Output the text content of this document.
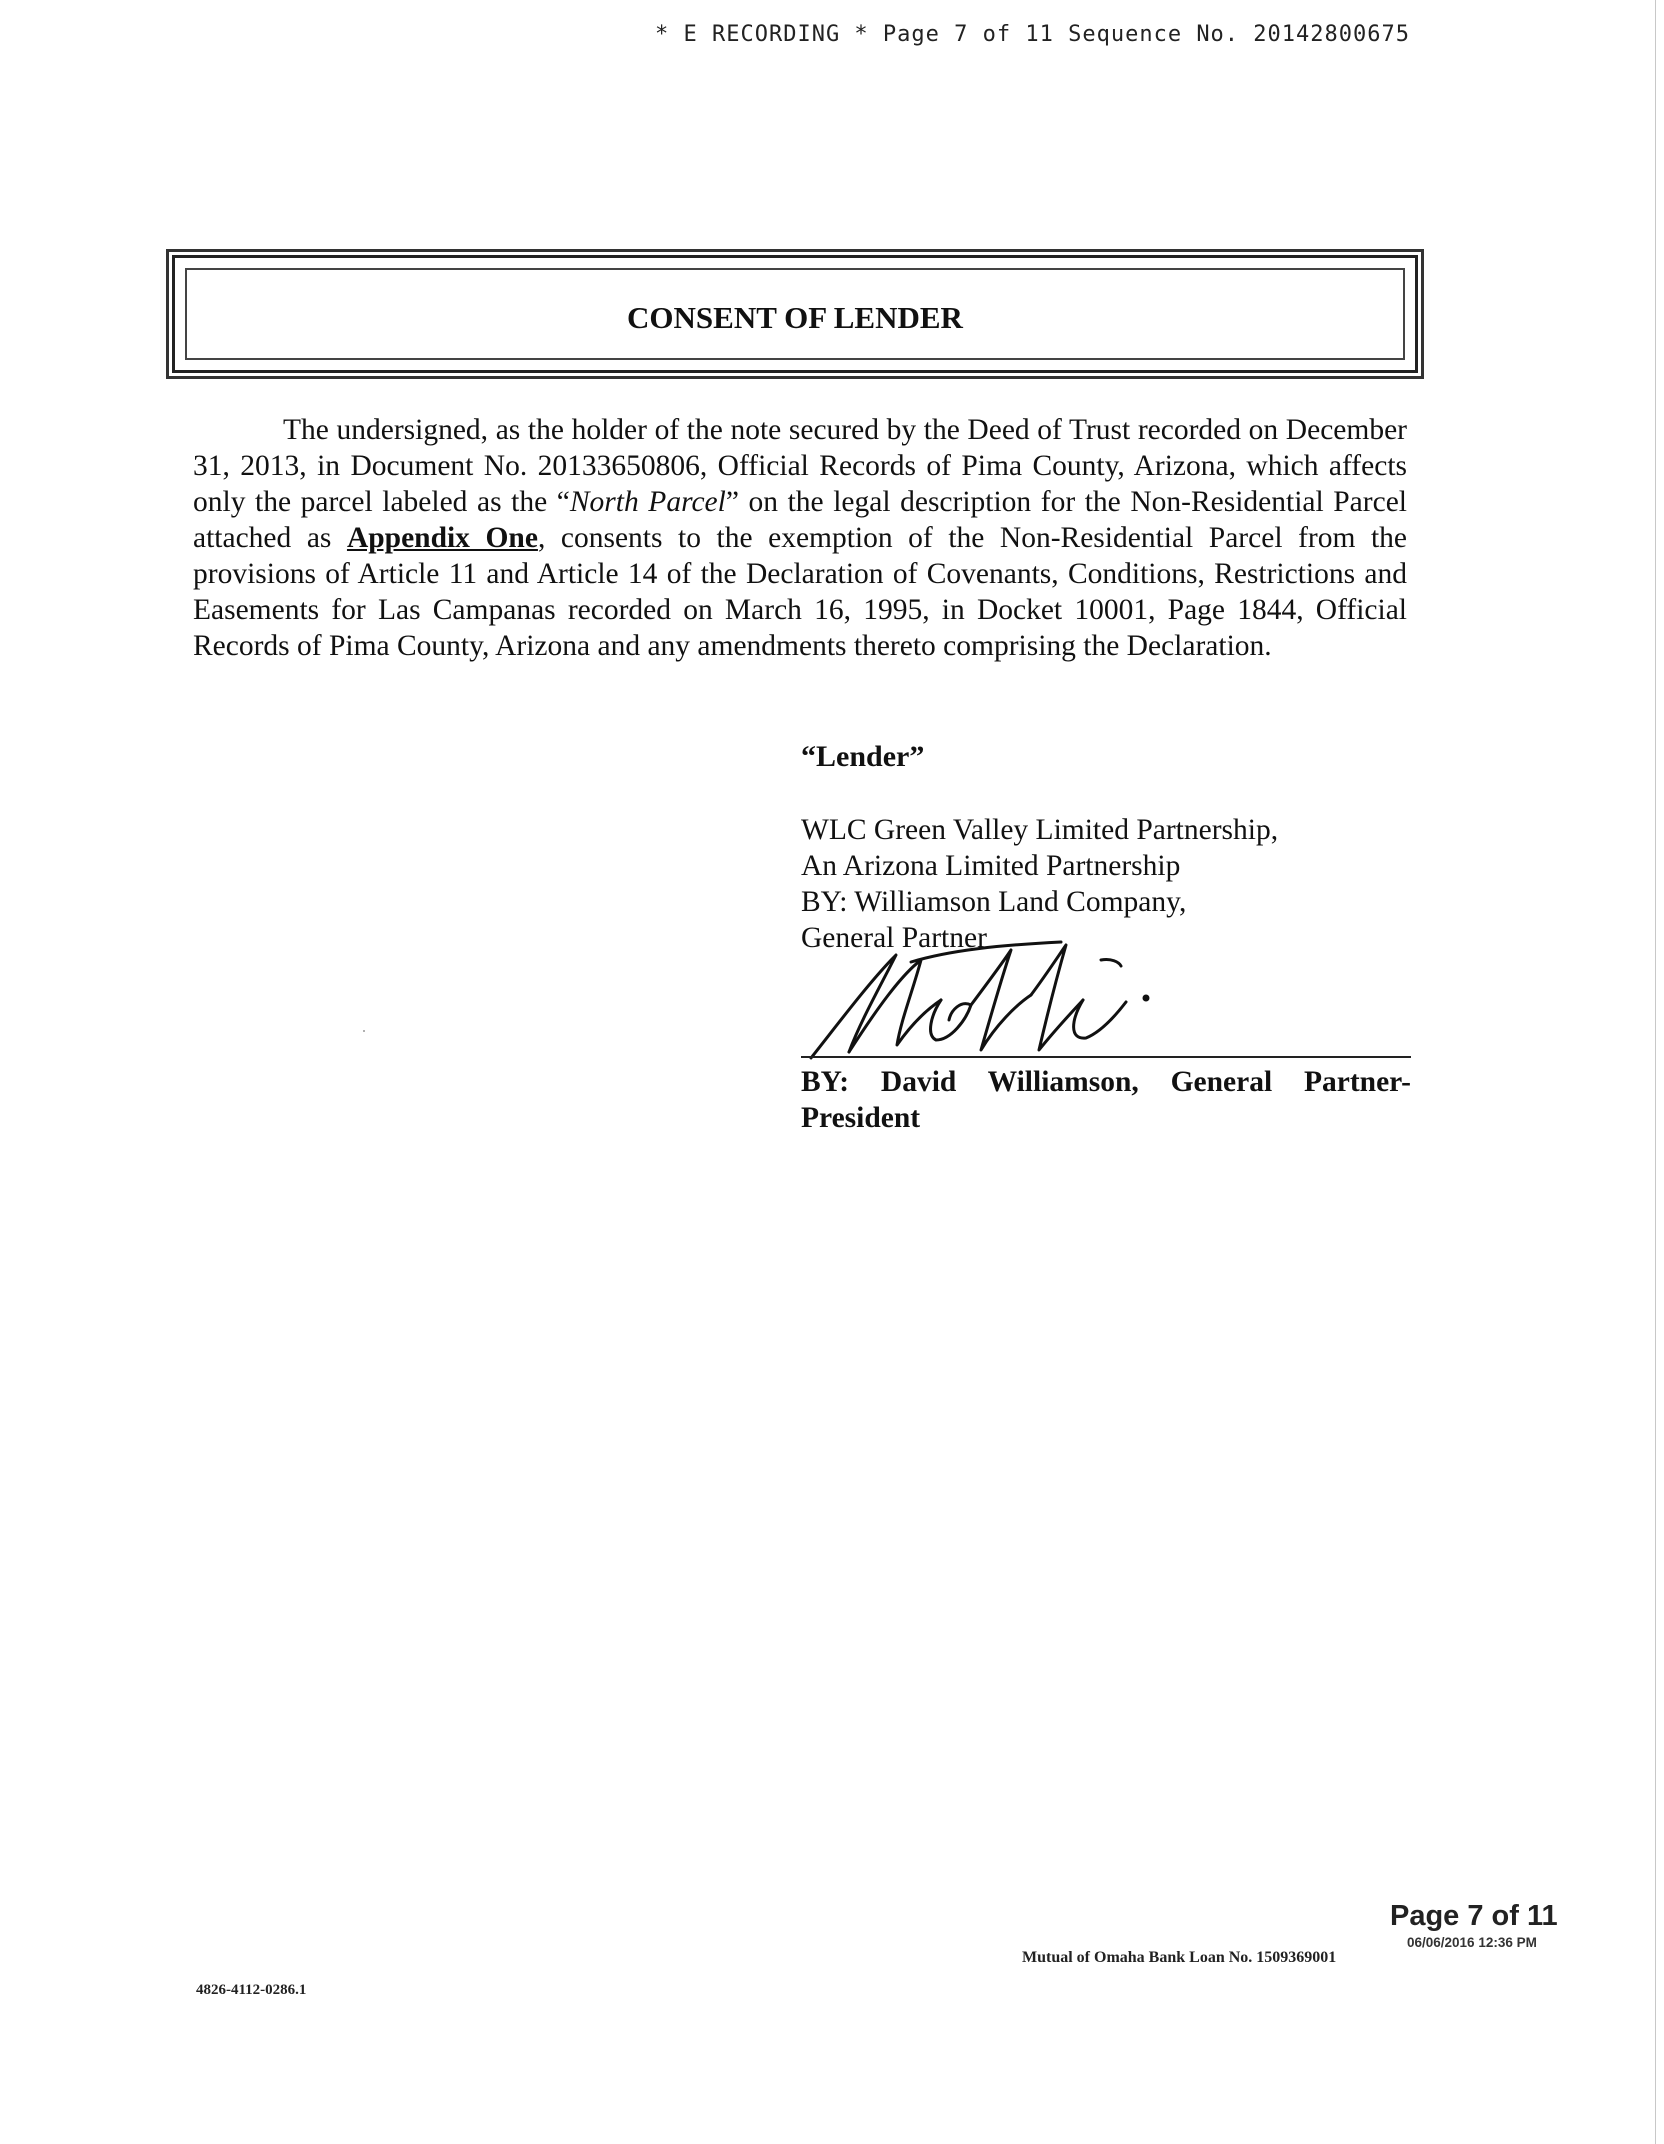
* E RECORDING * Page 7 of 11 Sequence No. 20142800675
CONSENT OF LENDER
The undersigned, as the holder of the note secured by the Deed of Trust recorded on December 31, 2013, in Document No. 20133650806, Official Records of Pima County, Arizona, which affects only the parcel labeled as the “North Parcel” on the legal description for the Non-Residential Parcel attached as Appendix One, consents to the exemption of the Non-Residential Parcel from the provisions of Article 11 and Article 14 of the Declaration of Covenants, Conditions, Restrictions and Easements for Las Campanas recorded on March 16, 1995, in Docket 10001, Page 1844, Official Records of Pima County, Arizona and any amendments thereto comprising the Declaration.
“Lender”
WLC Green Valley Limited Partnership,
An Arizona Limited Partnership
BY: Williamson Land Company,
General Partner
BY: David Williamson, General Partner-
President
Page 7 of 11
06/06/2016 12:36 PM
Mutual of Omaha Bank Loan No. 1509369001
4826-4112-0286.1
